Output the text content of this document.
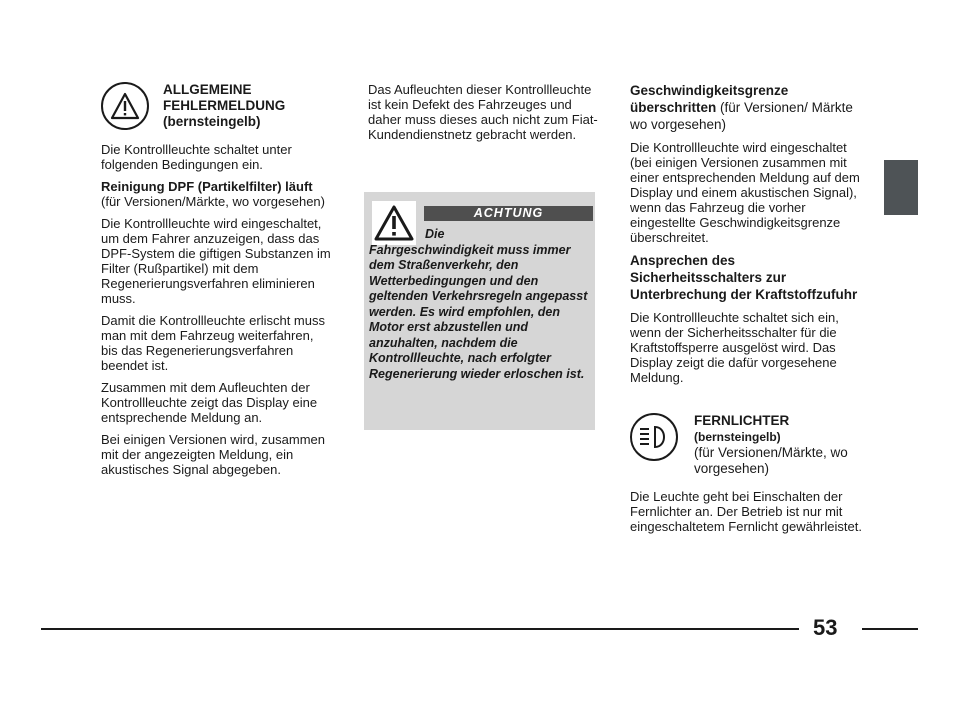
ALLGEMEINE
FEHLERMELDUNG
(bernsteingelb)

Die Kontrollleuchte schaltet unter folgenden Bedingungen ein.

Reinigung DPF (Partikelfilter) läuft (für Versionen/Märkte, wo vorgesehen)

Die Kontrollleuchte wird eingeschaltet, um dem Fahrer anzuzeigen, dass das DPF-System die giftigen Substanzen im Filter (Rußpartikel) mit dem Regenerierungsverfahren eliminieren muss.

Damit die Kontrollleuchte erlischt muss man mit dem Fahrzeug weiterfahren, bis das Regenerierungsverfahren beendet ist.

Zusammen mit dem Aufleuchten der Kontrollleuchte zeigt das Display eine entsprechende Meldung an.

Bei einigen Versionen wird, zusammen mit der angezeigten Meldung, ein akustisches Signal abgegeben.

Das Aufleuchten dieser Kontrollleuchte ist kein Defekt des Fahrzeuges und daher muss dieses auch nicht zum Fiat-Kundendienstnetz gebracht werden.

ACHTUNG
Die
Fahrgeschwindigkeit muss immer dem Straßenverkehr, den Wetterbedingungen und den geltenden Verkehrsregeln angepasst werden. Es wird empfohlen, den Motor erst abzustellen und anzuhalten, nachdem die Kontrollleuchte, nach erfolgter Regenerierung wieder erloschen ist.

Geschwindigkeitsgrenze überschritten (für Versionen/ Märkte wo vorgesehen)

Die Kontrollleuchte wird eingeschaltet (bei einigen Versionen zusammen mit einer entsprechenden Meldung auf dem Display und einem akustischen Signal), wenn das Fahrzeug die vorher eingestellte Geschwindigkeitsgrenze überschreitet.

Ansprechen des Sicherheitsschalters zur Unterbrechung der Kraftstoffzufuhr

Die Kontrollleuchte schaltet sich ein, wenn der Sicherheitsschalter für die Kraftstoffsperre ausgelöst wird. Das Display zeigt die dafür vorgesehene Meldung.

FERNLICHTER
(bernsteingelb)
(für Versionen/Märkte, wo vorgesehen)

Die Leuchte geht bei Einschalten der Fernlichter an. Der Betrieb ist nur mit eingeschaltetem Fernlicht gewährleistet.

53
